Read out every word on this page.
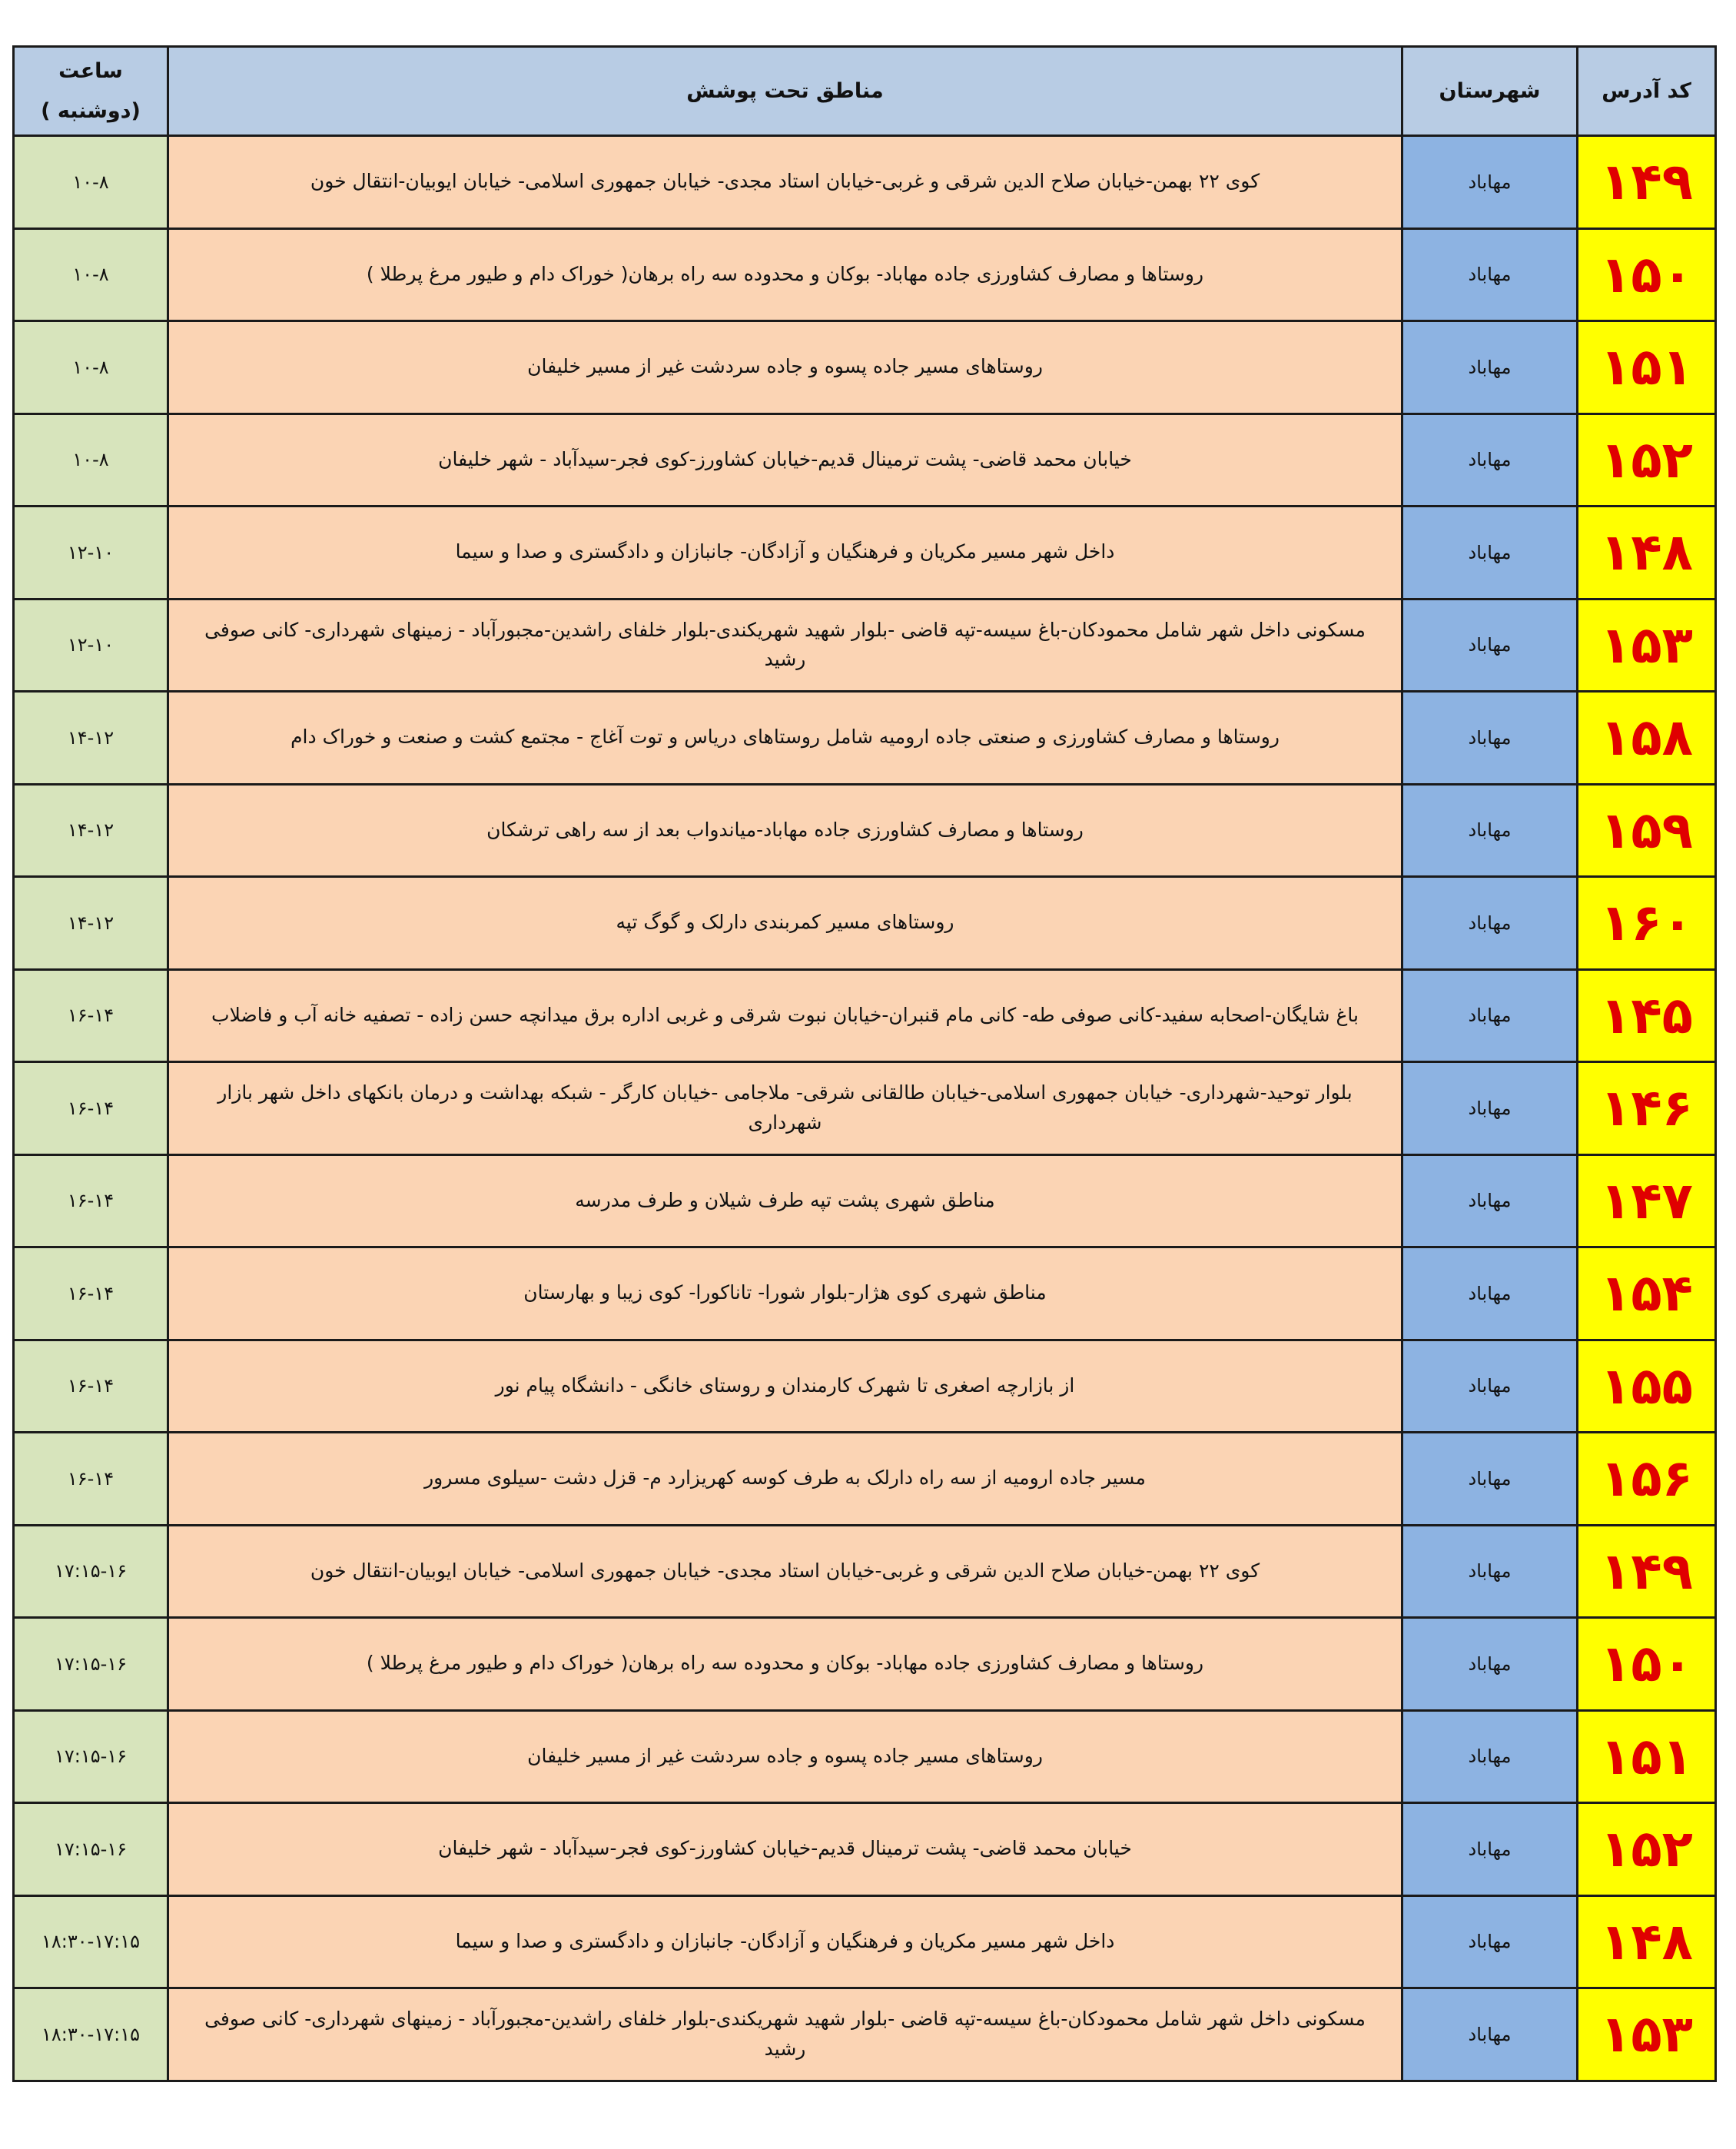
کد آدرس	شهرستان	مناطق تحت پوشش	ساعت
(دوشنبه )

۱۴۹	مهاباد	کوی ۲۲ بهمن-خیابان صلاح الدین شرقی و غربی-خیابان استاد مجدی- خیابان جمهوری اسلامی- خیابان ایوبیان-انتقال خون	۱۰-۸
۱۵۰	مهاباد	روستاها و مصارف کشاورزی جاده مهاباد- بوکان و محدوده سه راه برهان( خوراک دام و طیور مرغ پرطلا )	۱۰-۸
۱۵۱	مهاباد	روستاهای مسیر جاده پسوه و جاده سردشت غیر از مسیر خلیفان	۱۰-۸
۱۵۲	مهاباد	خیابان محمد قاضی- پشت ترمینال قدیم-خیابان کشاورز-کوی فجر-سیدآباد - شهر خلیفان	۱۰-۸
۱۴۸	مهاباد	داخل شهر مسیر مکریان و فرهنگیان و آزادگان- جانبازان و دادگستری و صدا و سیما	۱۲-۱۰
۱۵۳	مهاباد	مسکونی داخل شهر شامل محمودکان-باغ سیسه-تپه قاضی -بلوار شهید شهریکندی-بلوار خلفای راشدین-مجبورآباد - زمینهای شهرداری- کانی صوفی رشید	۱۲-۱۰
۱۵۸	مهاباد	روستاها و مصارف کشاورزی و صنعتی جاده ارومیه شامل روستاهای دریاس و توت آغاج - مجتمع کشت و صنعت و خوراک دام	۱۴-۱۲
۱۵۹	مهاباد	روستاها و مصارف کشاورزی جاده مهاباد-میاندواب بعد از سه راهی ترشکان	۱۴-۱۲
۱۶۰	مهاباد	روستاهای مسیر کمربندی دارلک و گوگ تپه	۱۴-۱۲
۱۴۵	مهاباد	باغ شایگان-اصحابه سفید-کانی صوفی طه- کانی مام قنبران-خیابان نبوت شرقی و غربی اداره برق میدانچه حسن زاده - تصفیه خانه آب و فاضلاب	۱۶-۱۴
۱۴۶	مهاباد	بلوار توحید-شهرداری- خیابان جمهوری اسلامی-خیابان طالقانی شرقی- ملاجامی -خیابان کارگر - شبکه بهداشت و درمان بانکهای داخل شهر بازار شهرداری	۱۶-۱۴
۱۴۷	مهاباد	مناطق شهری پشت تپه طرف شیلان و طرف مدرسه	۱۶-۱۴
۱۵۴	مهاباد	مناطق شهری کوی هژار-بلوار شورا- تاناکورا- کوی زیبا و بهارستان	۱۶-۱۴
۱۵۵	مهاباد	از بازارچه اصغری تا شهرک کارمندان و روستای خانگی - دانشگاه پیام نور	۱۶-۱۴
۱۵۶	مهاباد	مسیر جاده ارومیه از سه راه دارلک به طرف کوسه کهریزارد م- قزل دشت -سیلوی مسرور	۱۶-۱۴
۱۴۹	مهاباد	کوی ۲۲ بهمن-خیابان صلاح الدین شرقی و غربی-خیابان استاد مجدی- خیابان جمهوری اسلامی- خیابان ایوبیان-انتقال خون	۱۷:۱۵-۱۶
۱۵۰	مهاباد	روستاها و مصارف کشاورزی جاده مهاباد- بوکان و محدوده سه راه برهان( خوراک دام و طیور مرغ پرطلا )	۱۷:۱۵-۱۶
۱۵۱	مهاباد	روستاهای مسیر جاده پسوه و جاده سردشت غیر از مسیر خلیفان	۱۷:۱۵-۱۶
۱۵۲	مهاباد	خیابان محمد قاضی- پشت ترمینال قدیم-خیابان کشاورز-کوی فجر-سیدآباد - شهر خلیفان	۱۷:۱۵-۱۶
۱۴۸	مهاباد	داخل شهر مسیر مکریان و فرهنگیان و آزادگان- جانبازان و دادگستری و صدا و سیما	۱۸:۳۰-۱۷:۱۵
۱۵۳	مهاباد	مسکونی داخل شهر شامل محمودکان-باغ سیسه-تپه قاضی -بلوار شهید شهریکندی-بلوار خلفای راشدین-مجبورآباد - زمینهای شهرداری- کانی صوفی رشید	۱۸:۳۰-۱۷:۱۵
